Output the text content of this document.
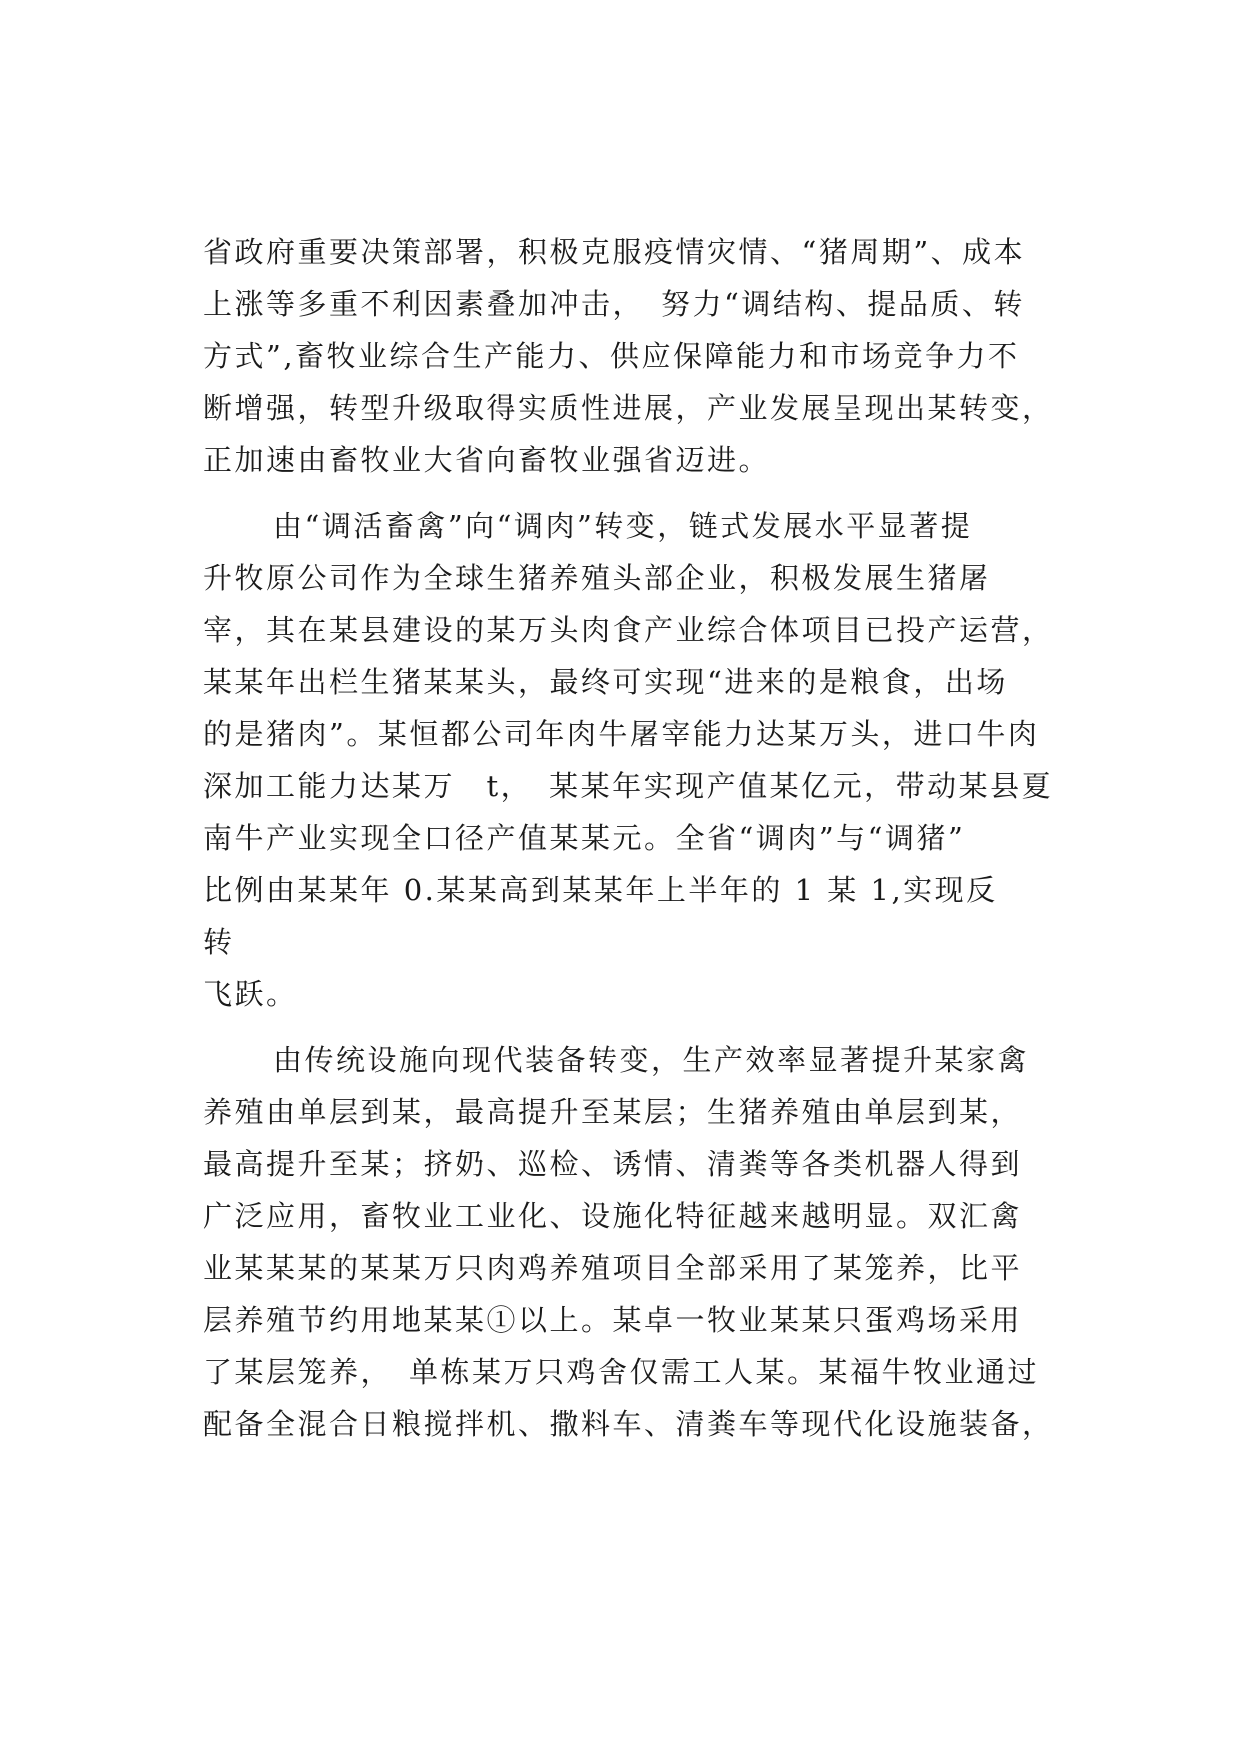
省政府重要决策部署，积极克服疫情灾情、“猪周期”、成本
上涨等多重不利因素叠加冲击，　努力“调结构、提品质、转
方式”,畜牧业综合生产能力、供应保障能力和市场竞争力不
断增强，转型升级取得实质性进展，产业发展呈现出某转变，
正加速由畜牧业大省向畜牧业强省迈进。
由“调活畜禽”向“调肉”转变，链式发展水平显著提
升牧原公司作为全球生猪养殖头部企业，积极发展生猪屠
宰，其在某县建设的某万头肉食产业综合体项目已投产运营，
某某年出栏生猪某某头，最终可实现“进来的是粮食，出场
的是猪肉”。某恒都公司年肉牛屠宰能力达某万头，进口牛肉
深加工能力达某万　t，　某某年实现产值某亿元，带动某县夏
南牛产业实现全口径产值某某元。全省“调肉”与“调猪”
比例由某某年 0.某某高到某某年上半年的 1 某 1,实现反
转
飞跃。
由传统设施向现代装备转变，生产效率显著提升某家禽
养殖由单层到某，最高提升至某层；生猪养殖由单层到某，
最高提升至某；挤奶、巡检、诱情、清粪等各类机器人得到
广泛应用，畜牧业工业化、设施化特征越来越明显。双汇禽
业某某某的某某万只肉鸡养殖项目全部采用了某笼养，比平
层养殖节约用地某某①以上。某卓一牧业某某只蛋鸡场采用
了某层笼养，　单栋某万只鸡舍仅需工人某。某福牛牧业通过
配备全混合日粮搅拌机、撒料车、清粪车等现代化设施装备，
